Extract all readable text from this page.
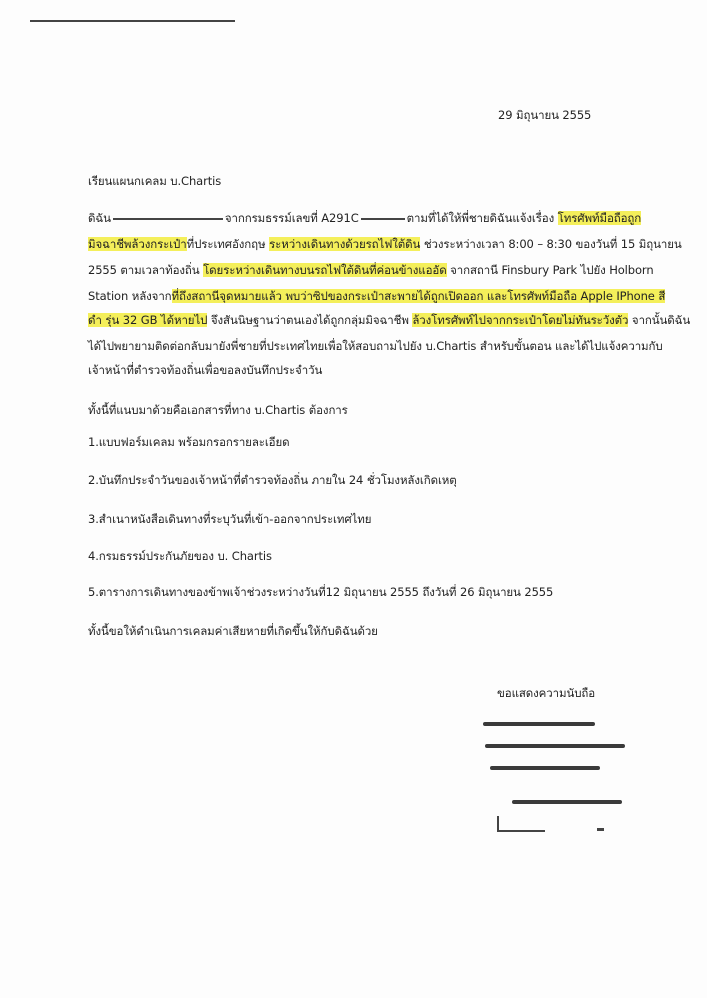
29 มิถุนายน 2555
เรียนแผนกเคลม บ.Chartis
ดิฉัน	จากกรมธรรม์เลขที่ A291C	ตามที่ได้ให้พี่ชายดิฉันแจ้งเรื่อง โทรศัพท์มือถือถูก
มิจฉาชีพล้วงกระเป๋าที่ประเทศอังกฤษ ระหว่างเดินทางด้วยรถไฟใต้ดิน ช่วงระหว่างเวลา 8:00 – 8:30 ของวันที่ 15 มิถุนายน
2555 ตามเวลาท้องถิ่น โดยระหว่างเดินทางบนรถไฟใต้ดินที่ค่อนข้างแออัด จากสถานี Finsbury Park ไปยัง Holborn
Station หลังจากที่ถึงสถานีจุดหมายแล้ว พบว่าซิปของกระเป๋าสะพายได้ถูกเปิดออก และโทรศัพท์มือถือ Apple IPhone สี
ดำ รุ่น 32 GB ได้หายไป จึงสันนิษฐานว่าตนเองได้ถูกกลุ่มมิจฉาชีพ ล้วงโทรศัพท์ไปจากกระเป๋าโดยไม่ทันระวังตัว จากนั้นดิฉัน
ได้ไปพยายามติดต่อกลับมายังพี่ชายที่ประเทศไทยเพื่อให้สอบถามไปยัง บ.Chartis สำหรับขั้นตอน และได้ไปแจ้งความกับ
เจ้าหน้าที่ตำรวจท้องถิ่นเพื่อขอลงบันทึกประจำวัน
ทั้งนี้ที่แนบมาด้วยคือเอกสารที่ทาง บ.Chartis ต้องการ
1.แบบฟอร์มเคลม พร้อมกรอกรายละเอียด
2.บันทึกประจำวันของเจ้าหน้าที่ตำรวจท้องถิ่น ภายใน 24 ชั่วโมงหลังเกิดเหตุ
3.สำเนาหนังสือเดินทางที่ระบุวันที่เข้า-ออกจากประเทศไทย
4.กรมธรรม์ประกันภัยของ บ. Chartis
5.ตารางการเดินทางของข้าพเจ้าช่วงระหว่างวันที่12 มิถุนายน 2555 ถึงวันที่ 26 มิถุนายน 2555
ทั้งนี้ขอให้ดำเนินการเคลมค่าเสียหายที่เกิดขึ้นให้กับดิฉันด้วย
ขอแสดงความนับถือ
